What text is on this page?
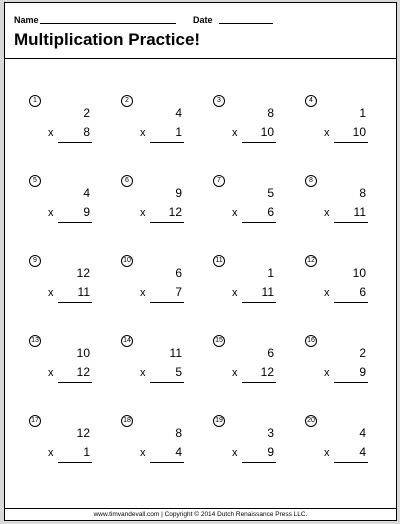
Name	Date
Multiplication Practice!
1
2
x 8
2
4
x 1
3
8
x 10
4
1
x 10
5
4
x 9
6
9
x 12
7
5
x 6
8
8
x 11
9
12
x 11
10
6
x 7
11
1
x 11
12
10
x 6
13
10
x 12
14
11
x 5
15
6
x 12
16
2
x 9
17
12
x 1
18
8
x 4
19
3
x 9
20
4
x 4
www.timvandevall.com | Copyright © 2014 Dutch Renaissance Press LLC.
